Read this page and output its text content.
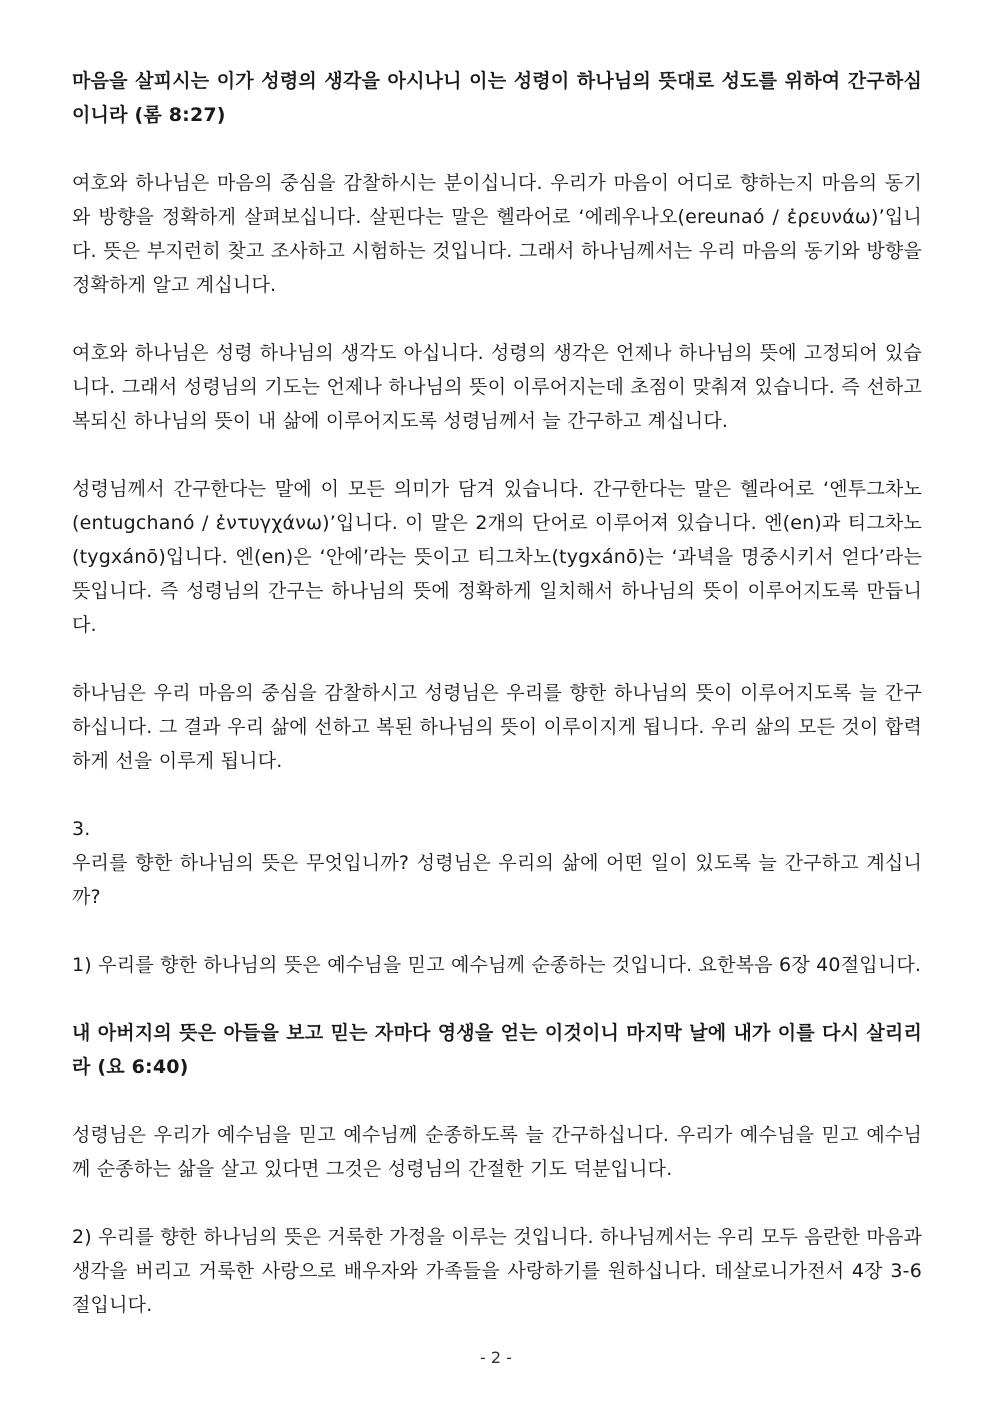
마음을 살피시는 이가 성령의 생각을 아시나니 이는 성령이 하나님의 뜻대로 성도를 위하여 간구하심이니라 (롬 8:27)

여호와 하나님은 마음의 중심을 감찰하시는 분이십니다. 우리가 마음이 어디로 향하는지 마음의 동기와 방향을 정확하게 살펴보십니다. 살핀다는 말은 헬라어로 ‘에레우나오(ereunaó / ἐρευνάω)’입니다. 뜻은 부지런히 찾고 조사하고 시험하는 것입니다. 그래서 하나님께서는 우리 마음의 동기와 방향을 정확하게 알고 계십니다.

여호와 하나님은 성령 하나님의 생각도 아십니다. 성령의 생각은 언제나 하나님의 뜻에 고정되어 있습니다. 그래서 성령님의 기도는 언제나 하나님의 뜻이 이루어지는데 초점이 맞춰져 있습니다. 즉 선하고 복되신 하나님의 뜻이 내 삶에 이루어지도록 성령님께서 늘 간구하고 계십니다.

성령님께서 간구한다는 말에 이 모든 의미가 담겨 있습니다. 간구한다는 말은 헬라어로 ‘엔투그차노(entugchanó / ἐντυγχάνω)’입니다. 이 말은 2개의 단어로 이루어져 있습니다. 엔(en)과 티그차노(tygxánō)입니다. 엔(en)은 ‘안에’라는 뜻이고 티그차노(tygxánō)는 ‘과녁을 명중시키서 얻다’라는 뜻입니다. 즉 성령님의 간구는 하나님의 뜻에 정확하게 일치해서 하나님의 뜻이 이루어지도록 만듭니다.

하나님은 우리 마음의 중심을 감찰하시고 성령님은 우리를 향한 하나님의 뜻이 이루어지도록 늘 간구하십니다. 그 결과 우리 삶에 선하고 복된 하나님의 뜻이 이루이지게 됩니다. 우리 삶의 모든 것이 합력하게 선을 이루게 됩니다.

3.

우리를 향한 하나님의 뜻은 무엇입니까? 성령님은 우리의 삶에 어떤 일이 있도록 늘 간구하고 계십니까?

1) 우리를 향한 하나님의 뜻은 예수님을 믿고 예수님께 순종하는 것입니다. 요한복음 6장 40절입니다.

내 아버지의 뜻은 아들을 보고 믿는 자마다 영생을 얻는 이것이니 마지막 날에 내가 이를 다시 살리리라 (요 6:40)

성령님은 우리가 예수님을 믿고 예수님께 순종하도록 늘 간구하십니다. 우리가 예수님을 믿고 예수님께 순종하는 삶을 살고 있다면 그것은 성령님의 간절한 기도 덕분입니다.

2) 우리를 향한 하나님의 뜻은 거룩한 가정을 이루는 것입니다. 하나님께서는 우리 모두 음란한 마음과 생각을 버리고 거룩한 사랑으로 배우자와 가족들을 사랑하기를 원하십니다. 데살로니가전서 4장 3-6절입니다.

- 2 -
